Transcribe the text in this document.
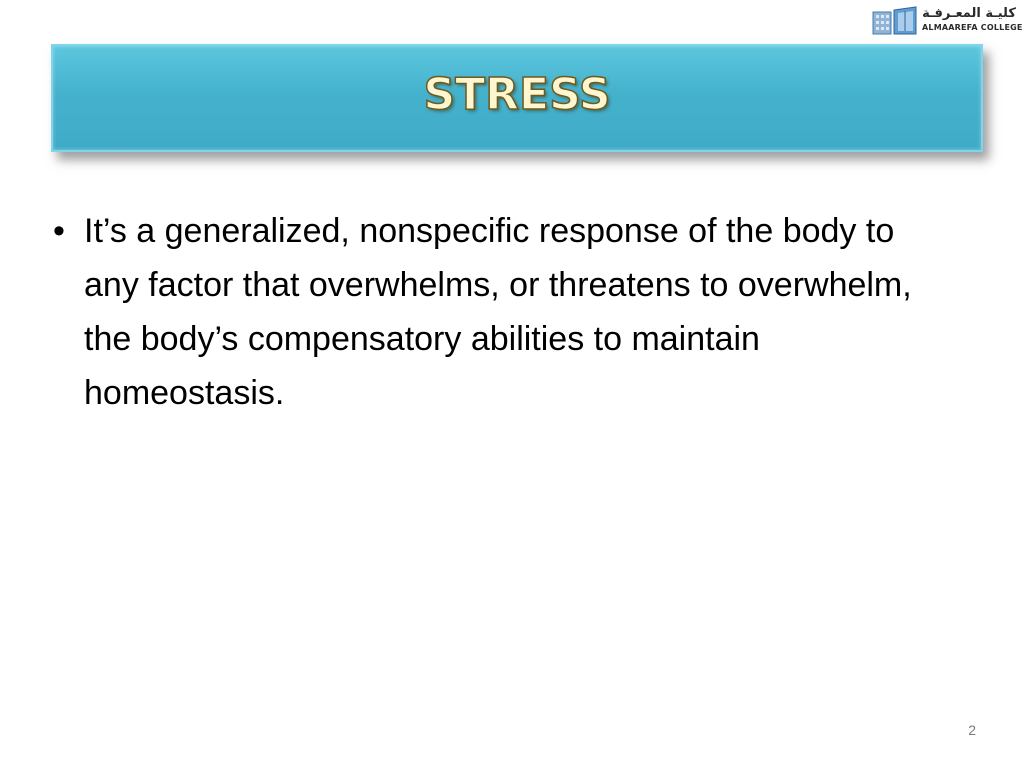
كليـة المعـرفـة
ALMAAREFA COLLEGE
STRESS
• It’s a generalized, nonspecific response of the body to any factor that overwhelms, or threatens to overwhelm, the body’s compensatory abilities to maintain homeostasis.
2
